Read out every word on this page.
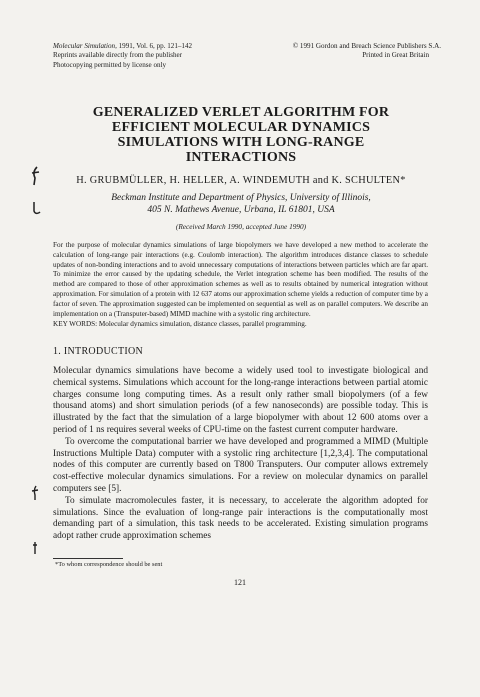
Molecular Simulation, 1991, Vol. 6, pp. 121–142	© 1991 Gordon and Breach Science Publishers S.A.
Reprints available directly from the publisher	Printed in Great Britain
Photocopying permitted by license only
GENERALIZED VERLET ALGORITHM FOR
EFFICIENT MOLECULAR DYNAMICS
SIMULATIONS WITH LONG-RANGE
INTERACTIONS
H. GRUBMÜLLER, H. HELLER, A. WINDEMUTH and K. SCHULTEN*
Beckman Institute and Department of Physics, University of Illinois,
405 N. Mathews Avenue, Urbana, IL 61801, USA
(Received March 1990, accepted June 1990)

For the purpose of molecular dynamics simulations of large biopolymers we have developed a new method to accelerate the calculation of long-range pair interactions (e.g. Coulomb interaction). The algorithm introduces distance classes to schedule updates of non-bonding interactions and to avoid unnecessary computations of interactions between particles which are far apart. To minimize the error caused by the updating schedule, the Verlet integration scheme has been modified. The results of the method are compared to those of other approximation schemes as well as to results obtained by numerical integration without approximation. For simulation of a protein with 12 637 atoms our approximation scheme yields a reduction of computer time by a factor of seven. The approximation suggested can be implemented on sequential as well as on parallel computers. We describe an implementation on a (Transputer-based) MIMD machine with a systolic ring architecture.

KEY WORDS: Molecular dynamics simulation, distance classes, parallel programming.
1. INTRODUCTION

Molecular dynamics simulations have become a widely used tool to investigate biological and chemical systems. Simulations which account for the long-range interactions between partial atomic charges consume long computing times. As a result only rather small biopolymers (of a few thousand atoms) and short simulation periods (of a few nanoseconds) are possible today. This is illustrated by the fact that the simulation of a large biopolymer with about 12 600 atoms over a period of 1 ns requires several weeks of CPU-time on the fastest current computer hardware.

To overcome the computational barrier we have developed and programmed a MIMD (Multiple Instructions Multiple Data) computer with a systolic ring architecture [1,2,3,4]. The computational nodes of this computer are currently based on T800 Transputers. Our computer allows extremely cost-effective molecular dynamics simulations. For a review on molecular dynamics on parallel computers see [5].

To simulate macromolecules faster, it is necessary, to accelerate the algorithm adopted for simulations. Since the evaluation of long-range pair interactions is the computationally most demanding part of a simulation, this task needs to be accelerated. Existing simulation programs adopt rather crude approximation schemes

*To whom correspondence should be sent
121
